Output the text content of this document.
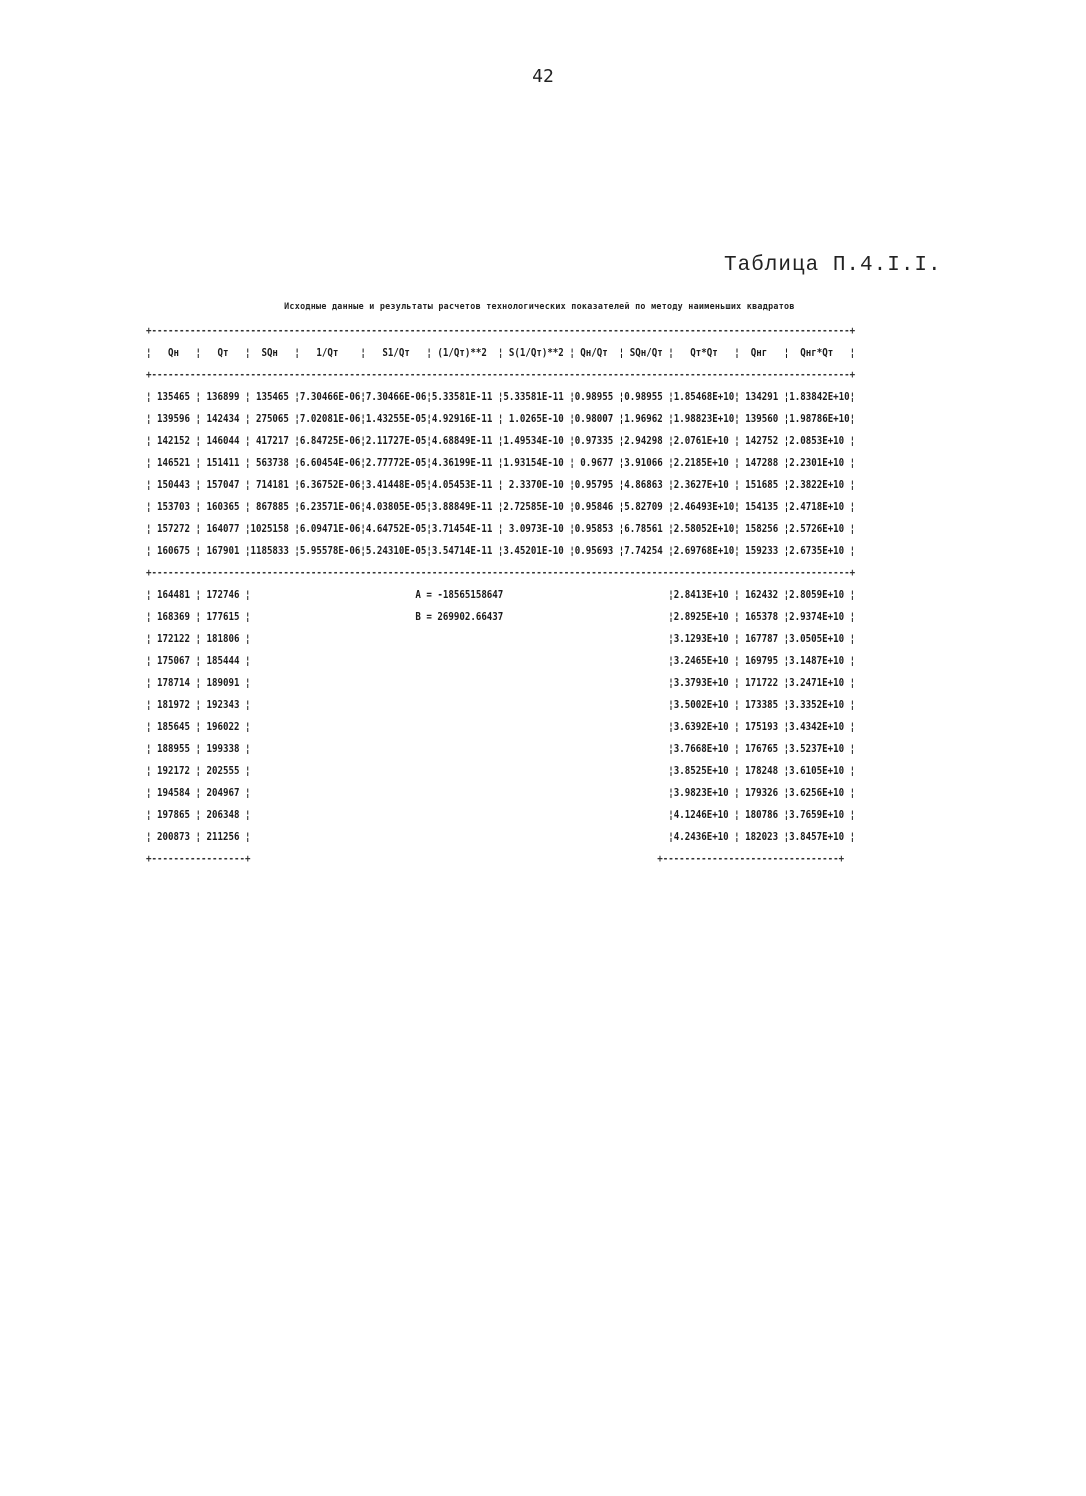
42
Таблица П.4.I.I.
Исходные данные и результаты расчетов технологических показателей по методу наименьших квадратов
+-------------------------------------------------------------------------------------------------------------------------------+
¦   Qн   ¦   Qт   ¦  SQн   ¦   1/Qт    ¦   S1/Qт   ¦ (1/Qт)**2  ¦ S(1/Qт)**2 ¦ Qн/Qт  ¦ SQн/Qт ¦   Qт*Qт   ¦  Qнг   ¦  Qнг*Qт   ¦
+-------------------------------------------------------------------------------------------------------------------------------+
¦ 135465 ¦ 136899 ¦ 135465 ¦7.30466E-06¦7.30466E-06¦5.33581E-11 ¦5.33581E-11 ¦0.98955 ¦0.98955 ¦1.85468E+10¦ 134291 ¦1.83842E+10¦
¦ 139596 ¦ 142434 ¦ 275065 ¦7.02081E-06¦1.43255E-05¦4.92916E-11 ¦ 1.0265E-10 ¦0.98007 ¦1.96962 ¦1.98823E+10¦ 139560 ¦1.98786E+10¦
¦ 142152 ¦ 146044 ¦ 417217 ¦6.84725E-06¦2.11727E-05¦4.68849E-11 ¦1.49534E-10 ¦0.97335 ¦2.94298 ¦2.0761E+10 ¦ 142752 ¦2.0853E+10 ¦
¦ 146521 ¦ 151411 ¦ 563738 ¦6.60454E-06¦2.77772E-05¦4.36199E-11 ¦1.93154E-10 ¦ 0.9677 ¦3.91066 ¦2.2185E+10 ¦ 147288 ¦2.2301E+10 ¦
¦ 150443 ¦ 157047 ¦ 714181 ¦6.36752E-06¦3.41448E-05¦4.05453E-11 ¦ 2.3370E-10 ¦0.95795 ¦4.86863 ¦2.3627E+10 ¦ 151685 ¦2.3822E+10 ¦
¦ 153703 ¦ 160365 ¦ 867885 ¦6.23571E-06¦4.03805E-05¦3.88849E-11 ¦2.72585E-10 ¦0.95846 ¦5.82709 ¦2.46493E+10¦ 154135 ¦2.4718E+10 ¦
¦ 157272 ¦ 164077 ¦1025158 ¦6.09471E-06¦4.64752E-05¦3.71454E-11 ¦ 3.0973E-10 ¦0.95853 ¦6.78561 ¦2.58052E+10¦ 158256 ¦2.5726E+10 ¦
¦ 160675 ¦ 167901 ¦1185833 ¦5.95578E-06¦5.24310E-05¦3.54714E-11 ¦3.45201E-10 ¦0.95693 ¦7.74254 ¦2.69768E+10¦ 159233 ¦2.6735E+10 ¦
+-------------------------------------------------------------------------------------------------------------------------------+
¦ 164481 ¦ 172746 ¦                              A = -18565158647                              ¦2.8413E+10 ¦ 162432 ¦2.8059E+10 ¦
¦ 168369 ¦ 177615 ¦                              B = 269902.66437                              ¦2.8925E+10 ¦ 165378 ¦2.9374E+10 ¦
¦ 172122 ¦ 181806 ¦	¦3.1293E+10 ¦ 167787 ¦3.0505E+10 ¦
¦ 175067 ¦ 185444 ¦	¦3.2465E+10 ¦ 169795 ¦3.1487E+10 ¦
¦ 178714 ¦ 189091 ¦	¦3.3793E+10 ¦ 171722 ¦3.2471E+10 ¦
¦ 181972 ¦ 192343 ¦	¦3.5002E+10 ¦ 173385 ¦3.3352E+10 ¦
¦ 185645 ¦ 196022 ¦	¦3.6392E+10 ¦ 175193 ¦3.4342E+10 ¦
¦ 188955 ¦ 199338 ¦	¦3.7668E+10 ¦ 176765 ¦3.5237E+10 ¦
¦ 192172 ¦ 202555 ¦	¦3.8525E+10 ¦ 178248 ¦3.6105E+10 ¦
¦ 194584 ¦ 204967 ¦	¦3.9823E+10 ¦ 179326 ¦3.6256E+10 ¦
¦ 197865 ¦ 206348 ¦	¦4.1246E+10 ¦ 180786 ¦3.7659E+10 ¦
¦ 200873 ¦ 211256 ¦	¦4.2436E+10 ¦ 182023 ¦3.8457E+10 ¦
+-----------------+                                                                          +--------------------------------+
